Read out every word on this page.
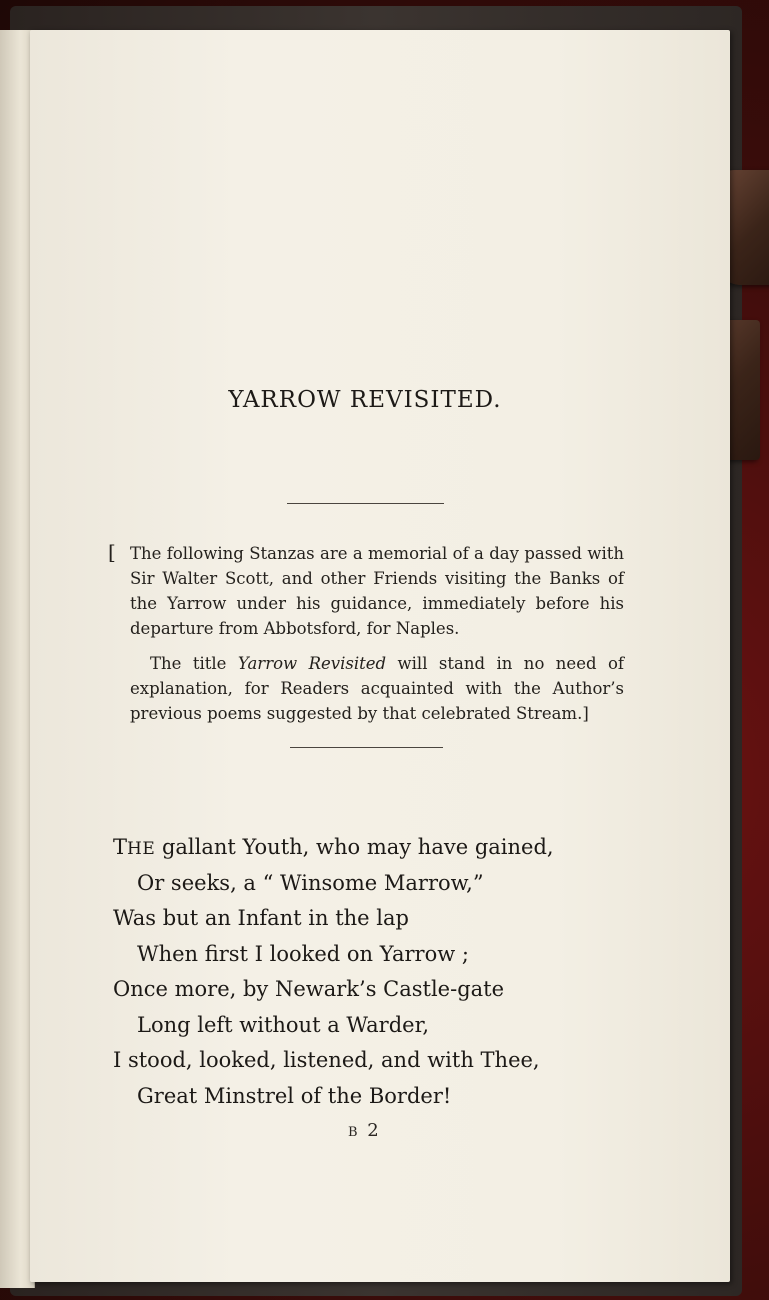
YARROW REVISITED.

[ The following Stanzas are a memorial of a day passed with Sir Walter Scott, and other Friends visiting the Banks of the Yarrow under his guidance, immediately before his departure from Abbotsford, for Naples.

The title Yarrow Revisited will stand in no need of explanation, for Readers acquainted with the Author’s previous poems suggested by that celebrated Stream.]

THE gallant Youth, who may have gained,
Or seeks, a “ Winsome Marrow,”
Was but an Infant in the lap
When first I looked on Yarrow ;
Once more, by Newark’s Castle-gate
Long left without a Warder,
I stood, looked, listened, and with Thee,
Great Minstrel of the Border!
B 2
